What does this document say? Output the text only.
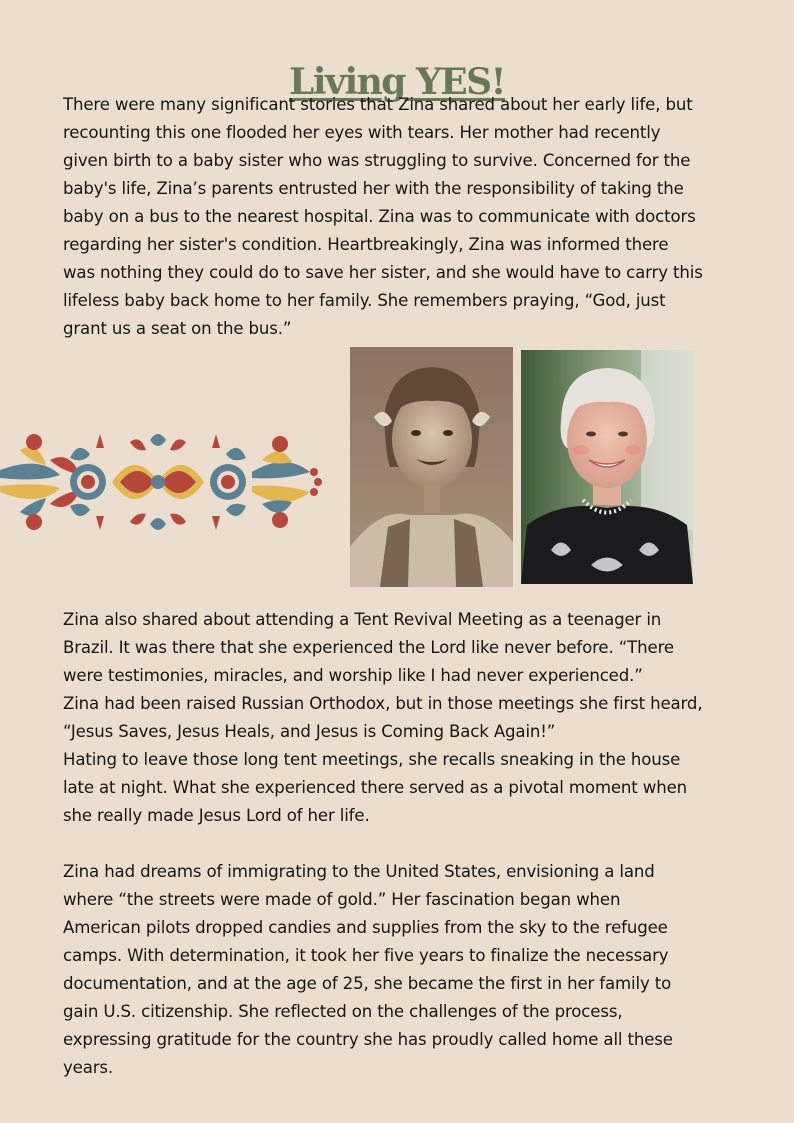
Living YES!

There were many significant stories that Zina shared about her early life, but
recounting this one flooded her eyes with tears. Her mother had recently
given birth to a baby sister who was struggling to survive. Concerned for the
baby's life, Zina’s parents entrusted her with the responsibility of taking the
baby on a bus to the nearest hospital. Zina was to communicate with doctors
regarding her sister's condition. Heartbreakingly, Zina was informed there
was nothing they could do to save her sister, and she would have to carry this
lifeless baby back home to her family. She remembers praying, “God, just
grant us a seat on the bus.”

Zina also shared about attending a Tent Revival Meeting as a teenager in
Brazil. It was there that she experienced the Lord like never before. “There
were testimonies, miracles, and worship like I had never experienced.”
Zina had been raised Russian Orthodox, but in those meetings she first heard,
“Jesus Saves, Jesus Heals, and Jesus is Coming Back Again!”
Hating to leave those long tent meetings, she recalls sneaking in the house
late at night. What she experienced there served as a pivotal moment when
she really made Jesus Lord of her life.

Zina had dreams of immigrating to the United States, envisioning a land
where “the streets were made of gold.” Her fascination began when
American pilots dropped candies and supplies from the sky to the refugee
camps. With determination, it took her five years to finalize the necessary
documentation, and at the age of 25, she became the first in her family to
gain U.S. citizenship. She reflected on the challenges of the process,
expressing gratitude for the country she has proudly called home all these
years.
